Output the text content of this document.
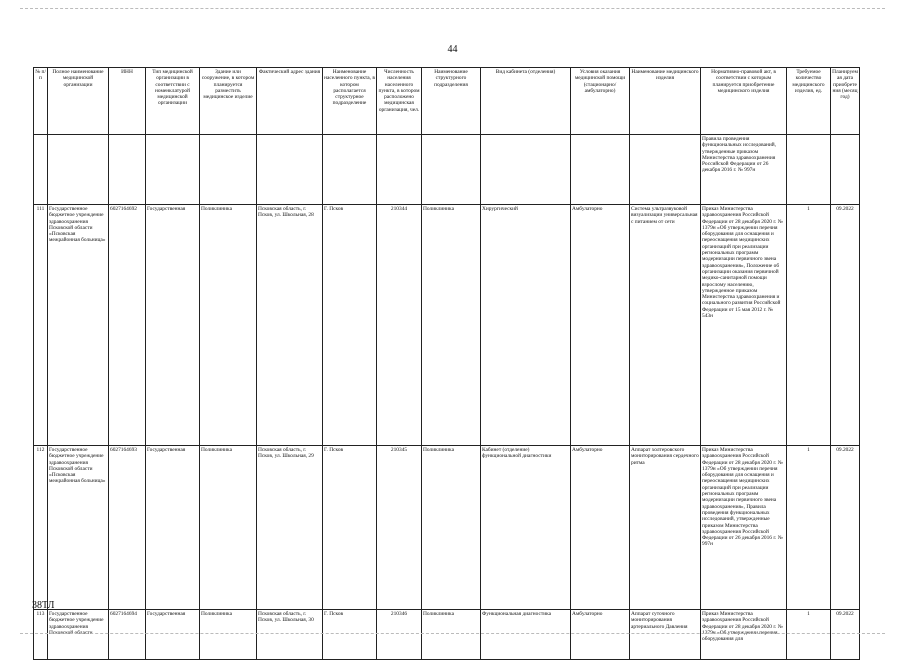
44
№ п/п	Полное наименование медицинской организации	ИНН	Тип медицинской организации в соответствии с номенклатурой медицинской организации	Здание или сооружение, в котором планируется разместить медицинское изделие	Фактический адрес здания	Наименование населенного пункта, в котором располагается структурное подразделение	Численность населения населенного пункта, в котором расположено медицинская организация, чел.	Наименование структурного подразделения	Вид кабинета (отделения)	Условия оказания медицинской помощи (стационарно/ амбулаторно)	Наименование медицинского изделия	Нормативно-правовой акт, в соответствии с которым планируется приобретение медицинского изделия	Требуемое количество медицинского изделия, ед.	Планируемая дата приобретения (месяц год)
												Правила проведения функциональных исследований, утвержденные приказом Министерства здравоохранения Российской Федерации от 26 декабря 2016 г. № 997н		
111	Государственное бюджетное учреждение здравоохранения Псковской области «Псковская межрайонная больница»	6027164692	Государственная	Поликлиника	Псковская область, г. Псков, ул. Школьная, 28	Г. Псков	210344	Поликлиника	Хирургический	Амбулаторно	Система ультразвуковой визуализации универсальная с питанием от сети	Приказ Министерства здравоохранения Российской Федерации от 28 декабря 2020 г. № 1379н «Об утверждении перечня оборудования для оснащения и переоснащения медицинских организаций при реализации региональных программ модернизации первичного звена здравоохранения», Положение об организации оказания первичной медико-санитарной помощи взрослому населению, утвержденное приказом Министерства здравоохранения и социального развития Российской Федерации от 15 мая 2012 г. № 543н	1	09.2022
112	Государственное бюджетное учреждение здравоохранения Псковской области «Псковская межрайонная больница»	6027164693	Государственная	Поликлиника	Псковская область, г. Псков, ул. Школьная, 29	Г. Псков	210345	Поликлиника	Кабинет (отделение) функциональной диагностики	Амбулаторно	Аппарат холтеровского мониторирования сердечного ритма	Приказ Министерства здравоохранения Российской Федерации от 28 декабря 2020 г. № 1379н «Об утверждении перечня оборудования для оснащения и переоснащения медицинских организаций при реализации региональных программ модернизации первичного звена здравоохранения», Правила проведения функциональных исследований, утвержденные приказом Министерства здравоохранения Российской Федерации от 26 декабря 2016 г. № 997н	1	09.2022
113	Государственное бюджетное учреждение здравоохранения Псковской области	6027164694	Государственная	Поликлиника	Псковская область, г. Псков, ул. Школьная, 30	Г. Псков	210346	Поликлиника	Функциональная диагностика	Амбулаторно	Аппарат суточного мониторирования артериального Давления	Приказ Министерства здравоохранения Российской Федерации от 28 декабря 2020 г. № 1379н «Об утверждении перечня оборудования для	1	09.2022
38ТЛ
